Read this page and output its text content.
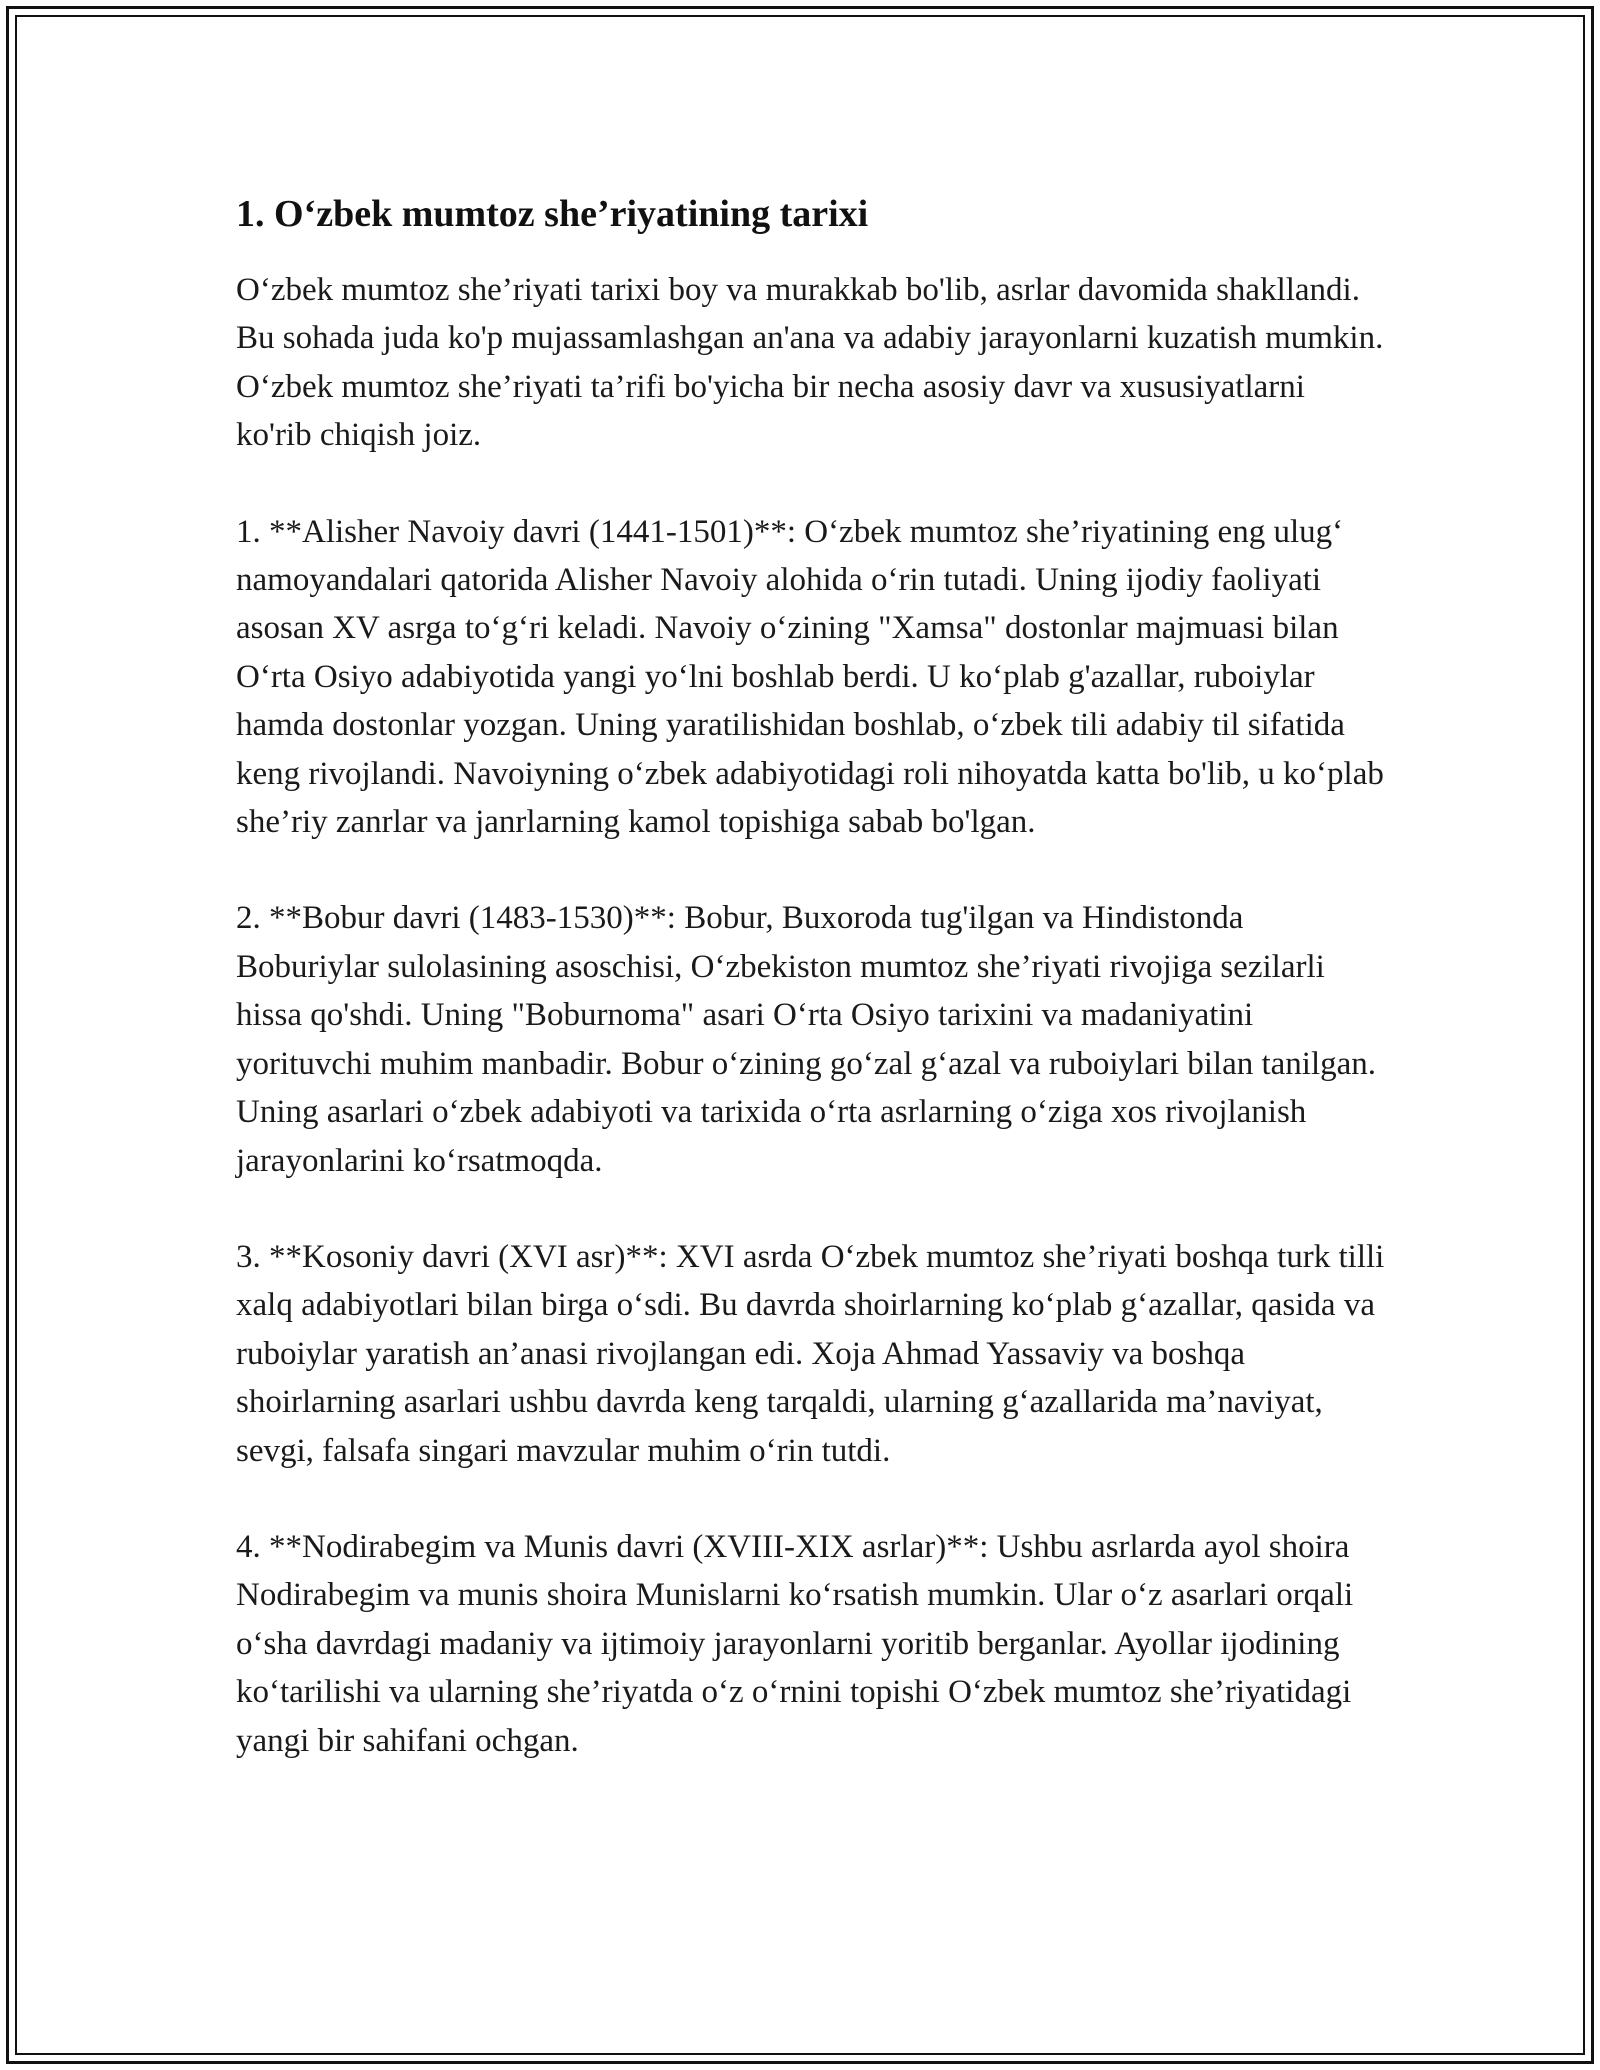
1. O‘zbek mumtoz she’riyatining tarixi

O‘zbek mumtoz she’riyati tarixi boy va murakkab bo'lib, asrlar davomida shakllandi. Bu sohada juda ko'p mujassamlashgan an'ana va adabiy jarayonlarni kuzatish mumkin. O‘zbek mumtoz she’riyati ta’rifi bo'yicha bir necha asosiy davr va xususiyatlarni ko'rib chiqish joiz.

1. **Alisher Navoiy davri (1441-1501)**: O‘zbek mumtoz she’riyatining eng ulug‘ namoyandalari qatorida Alisher Navoiy alohida o‘rin tutadi. Uning ijodiy faoliyati asosan XV asrga to‘g‘ri keladi. Navoiy o‘zining "Xamsa" dostonlar majmuasi bilan O‘rta Osiyo adabiyotida yangi yo‘lni boshlab berdi. U ko‘plab g'azallar, ruboiylar hamda dostonlar yozgan. Uning yaratilishidan boshlab, o‘zbek tili adabiy til sifatida keng rivojlandi. Navoiyning o‘zbek adabiyotidagi roli nihoyatda katta bo'lib, u ko‘plab she’riy zanrlar va janrlarning kamol topishiga sabab bo'lgan.

2. **Bobur davri (1483-1530)**: Bobur, Buxoroda tug'ilgan va Hindistonda Boburiylar sulolasining asoschisi, O‘zbekiston mumtoz she’riyati rivojiga sezilarli hissa qo'shdi. Uning "Boburnoma" asari O‘rta Osiyo tarixini va madaniyatini yorituvchi muhim manbadir. Bobur o‘zining go‘zal g‘azal va ruboiylari bilan tanilgan. Uning asarlari o‘zbek adabiyoti va tarixida o‘rta asrlarning o‘ziga xos rivojlanish jarayonlarini ko‘rsatmoqda.

3. **Kosoniy davri (XVI asr)**: XVI asrda O‘zbek mumtoz she’riyati boshqa turk tilli xalq adabiyotlari bilan birga o‘sdi. Bu davrda shoirlarning ko‘plab g‘azallar, qasida va ruboiylar yaratish an’anasi rivojlangan edi. Xoja Ahmad Yassaviy va boshqa shoirlarning asarlari ushbu davrda keng tarqaldi, ularning g‘azallarida ma’naviyat, sevgi, falsafa singari mavzular muhim o‘rin tutdi.

4. **Nodirabegim va Munis davri (XVIII-XIX asrlar)**: Ushbu asrlarda ayol shoira Nodirabegim va munis shoira Munislarni ko‘rsatish mumkin. Ular o‘z asarlari orqali o‘sha davrdagi madaniy va ijtimoiy jarayonlarni yoritib berganlar. Ayollar ijodining ko‘tarilishi va ularning she’riyatda o‘z o‘rnini topishi O‘zbek mumtoz she’riyatidagi yangi bir sahifani ochgan.
